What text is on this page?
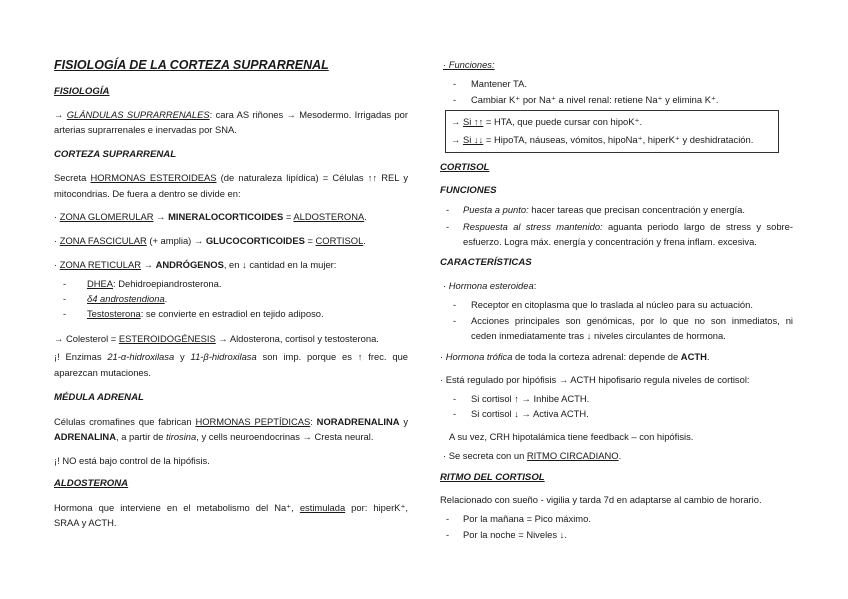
FISIOLOGÍA DE LA CORTEZA SUPRARRENAL
FISIOLOGÍA
→ GLÁNDULAS SUPRARRENALES: cara AS riñones → Mesodermo. Irrigadas por
arterias suprarrenales e inervadas por SNA.
CORTEZA SUPRARRENAL
Secreta HORMONAS ESTEROIDEAS (de naturaleza lipídica) = Células ↑↑ REL y
mitocondrias. De fuera a dentro se divide en:
· ZONA GLOMERULAR → MINERALOCORTICOIDES = ALDOSTERONA.
· ZONA FASCICULAR (+ amplia) → GLUCOCORTICOIDES = CORTISOL.
· ZONA RETICULAR → ANDRÓGENOS, en ↓ cantidad en la mujer:
- DHEA: Dehidroepiandrosterona.
- δ4 androstendiona.
- Testosterona: se convierte en estradiol en tejido adiposo.
→ Colesterol = ESTEROIDOGÉNESIS → Aldosterona, cortisol y testosterona.
¡! Enzimas 21-α-hidroxilasa y 11-β-hidroxilasa son imp. porque es ↑ frec. que
aparezcan mutaciones.
MÉDULA ADRENAL
Células cromafines que fabrican HORMONAS PEPTÍDICAS: NORADRENALINA y
ADRENALINA, a partir de tirosina, y cells neuroendocrinas → Cresta neural.
¡! NO está bajo control de la hipófisis.
ALDOSTERONA
Hormona que interviene en el metabolismo del Na⁺, estimulada por: hiperK⁺,
SRAA y ACTH.
· Funciones:
- Mantener TA.
- Cambiar K⁺ por Na⁺ a nivel renal: retiene Na⁺ y elimina K⁺.
→ Si ↑↑ = HTA, que puede cursar con hipoK⁺.
→ Si ↓↓ = HipoTA, náuseas, vómitos, hipoNa⁺, hiperK⁺ y deshidratación.
CORTISOL
FUNCIONES
- Puesta a punto: hacer tareas que precisan concentración y energía.
- Respuesta al stress mantenido: aguanta periodo largo de stress y sobre-
esfuerzo. Logra máx. energía y concentración y frena inflam. excesiva.
CARACTERÍSTICAS
· Hormona esteroidea:
- Receptor en citoplasma que lo traslada al núcleo para su actuación.
- Acciones principales son genómicas, por lo que no son inmediatos, ni
ceden inmediatamente tras ↓ niveles circulantes de hormona.
· Hormona trófica de toda la corteza adrenal: depende de ACTH.
· Está regulado por hipófisis → ACTH hipofisario regula niveles de cortisol:
- Si cortisol ↑ → Inhibe ACTH.
- Si cortisol ↓ → Activa ACTH.
A su vez, CRH hipotalámica tiene feedback – con hipófisis.
· Se secreta con un RITMO CIRCADIANO.
RITMO DEL CORTISOL
Relacionado con sueño - vigilia y tarda 7d en adaptarse al cambio de horario.
- Por la mañana = Pico máximo.
- Por la noche = Niveles ↓.
